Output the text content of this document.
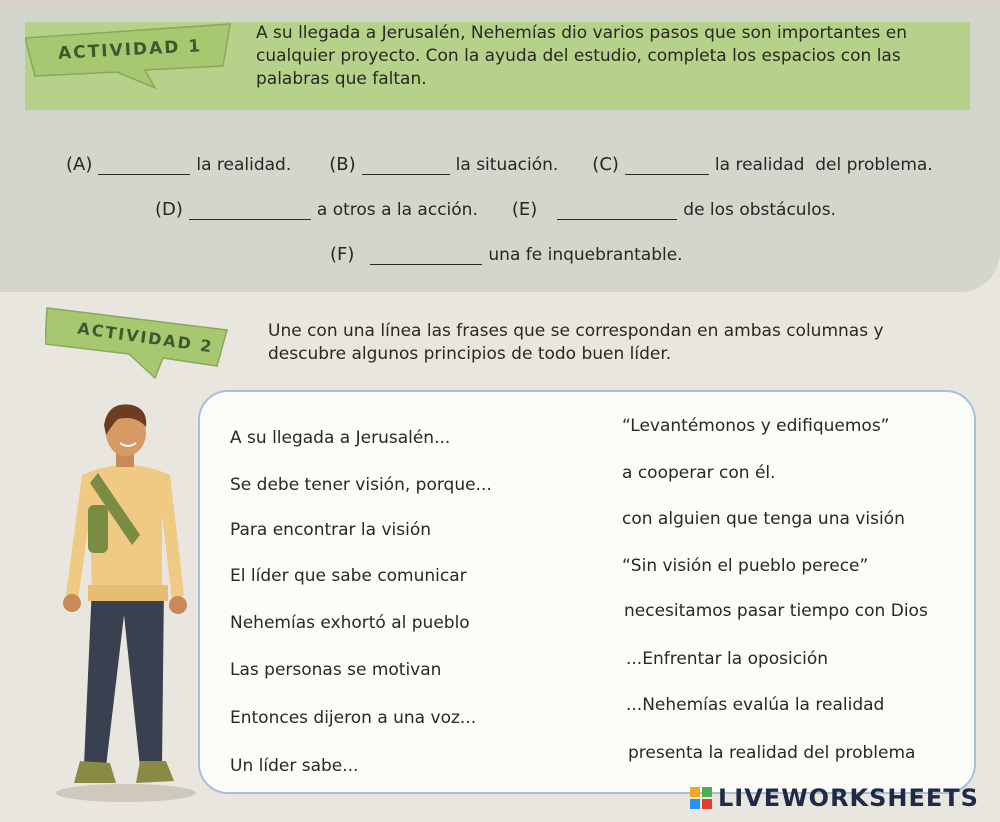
ACTIVIDAD 1
A su llegada a Jerusalén, Nehemías dio varios pasos que son importantes en cualquier proyecto. Con la ayuda del estudio, completa los espacios con las palabras que faltan.
(A)	la realidad. (B)	la situación. (C)	la realidad  del problema.
(D)	a otros a la acción. (E)	de los obstáculos.
(F)	una fe inquebrantable.
ACTIVIDAD 2	Une con una línea las frases que se correspondan en ambas columnas y descubre algunos principios de todo buen líder.
A su llegada a Jerusalén...
Se debe tener visión, porque...
Para encontrar la visión
El líder que sabe comunicar
Nehemías exhortó al pueblo
Las personas se motivan
Entonces dijeron a una voz...
Un líder sabe...
“Levantémonos y edifiquemos”
a cooperar con él.
con alguien que tenga una visión
“Sin visión el pueblo perece”
necesitamos pasar tiempo con Dios
...Enfrentar la oposición
...Nehemías evalúa la realidad
presenta la realidad del problema
LIVEWORKSHEETS
